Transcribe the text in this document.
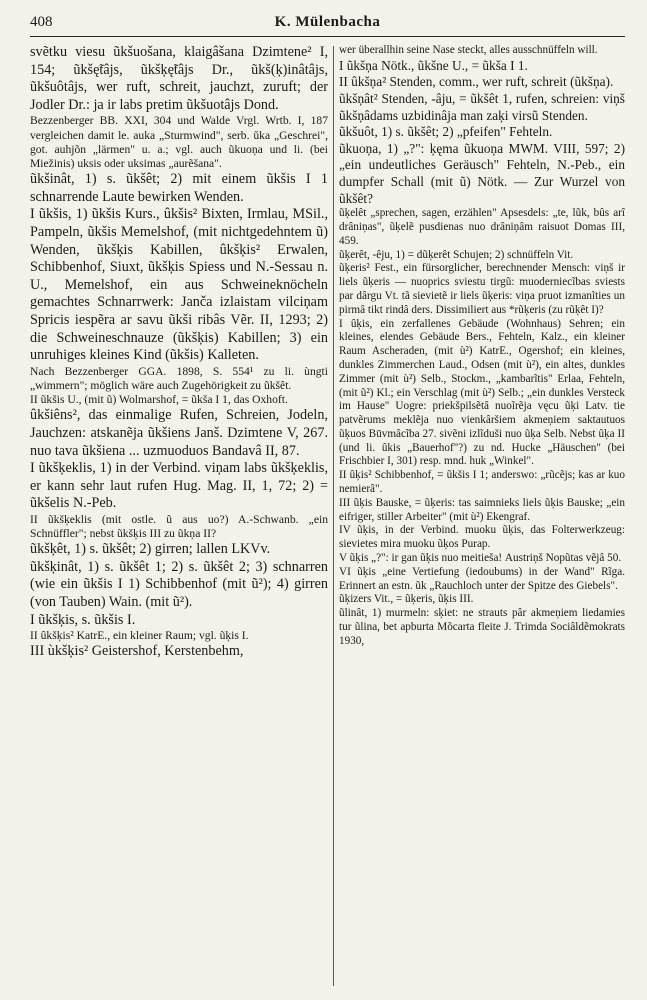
408	K. Mülenbacha

svẽtku viesu ũkšuošana, klaigâšana Dzimtene² I, 154; ũkšę̃tâjs, ũkšķę̃tâjs Dr., ũkš(ķ)inâtâjs, ũkšuôtâjs, wer ruft, schreit, jauchzt, zuruft; der Jodler Dr.: ja ir labs pretim ũkšuotâjs Dond.

Bezzenberger BB. XXI, 304 und Walde Vrgl. Wrtb. I, 187 vergleichen damit le. auka „Sturmwind", serb. ŭka „Geschrei", got. auhjõn „lärmen" u. a.; vgl. auch ũkuoņa und li. (bei Miežinis) uksis oder uksimas „aurẽšana".

ũkšinât, 1) s. ũkšêt; 2) mit einem ũkšis I 1 schnarrende Laute bewirken Wenden.

I ũkšis, 1) ũkšis Kurs., ûkšis² Bixten, Irmlau, MSil., Pampeln, ũkšis Memelshof, (mit nichtgedehntem ũ) Wenden, ũkšķis Kabillen, ûkšķis² Erwalen, Schibbenhof, Siuxt, ũkšķis Spiess und N.-Sessau n. U., Memelshof, ein aus Schweineknöcheln gemachtes Schnarrwerk: Janča izlaistam vilciņam Spricis iespẽra ar savu ũkši ribâs Vẽr. II, 1293; 2) die Schweineschnauze (ũkšķis) Kabillen; 3) ein unruhiges kleines Kind (ũkšis) Kalleten.

Nach Bezzenberger GGA. 1898, S. 554¹ zu li. ùngti „wimmern"; möglich wäre auch Zugehörigkeit zu ũkšêt.

II ũkšis U., (mit ũ) Wolmarshof, = ũkša I 1, das Oxhoft.

ûkšiêns², das einmalige Rufen, Schreien, Jodeln, Jauchzen: atskanẽja ũkšiens Janš. Dzimtene V, 267. nuo tava ũkšiena ... uzmuoduos Bandavâ II, 87.

I ũkšķeklis, 1) in der Verbind. viņam labs ũkšķeklis, er kann sehr laut rufen Hug. Mag. II, 1, 72; 2) = ũkšelis N.-Peb.

II ũkšķeklis (mit ostle. ũ aus uo?) A.-Schwanb. „ein Schnüffler"; nebst ũkšķis III zu ũkņa II?

ũkšķêt, 1) s. ũkšêt; 2) girren; lallen LKVv.

ũkšķinât, 1) s. ũkšêt 1; 2) s. ũkšêt 2; 3) schnarren (wie ein ũkšis I 1) Schibbenhof (mit ũ²); 4) girren (von Tauben) Wain. (mit ũ²).

I ũkšķis, s. ũkšis I.

II ûkšķis² KatrE., ein kleiner Raum; vgl. ũķis I.

III ùkšķis² Geistershof, Kerstenbehm,

wer überallhin seine Nase steckt, alles ausschnüffeln will.

I ũkšņa Nötk., ũkšne U., = ũkša I 1.

II ûkšņa² Stenden, comm., wer ruft, schreit (ũkšņa).

ũkšņât² Stenden, -âju, = ũkšêt 1, rufen, schreien: viņš ũkšņâdams uzbidinâja man zaķi virsũ Stenden.

ũkšuôt, 1) s. ũkšêt; 2) „pfeifen" Fehteln.

ũkuoņa, 1) „?": ķęma ũkuoņa MWM. VIII, 597; 2) „ein undeutliches Geräusch" Fehteln, N.-Peb., ein dumpfer Schall (mit ũ) Nötk. — Zur Wurzel von ũkšêt?

ũķelêt „sprechen, sagen, erzählen" Apsesdels: „te, lũk, bûs arî drâniņas", ũķelẽ pusdienas nuo drâniņâm raisuot Domas III, 459.

ũķerêt, -êju, 1) = dũķerêt Schujen; 2) schnüffeln Vit.

ũķeris² Fest., ein fürsorglicher, berechnender Mensch: viņš ir liels ũķeris — nuoprics sviestu tirgũ: muoderniecĩbas sviests par dârgu Vt. tã sievietẽ ir liels ũķeris: viņa pruot izmanĩties un pirmâ tikt rindâ ders. Dissimiliert aus *rũķeris (zu rũķêt I)?

I ûķis, ein zerfallenes Gebäude (Wohnhaus) Sehren; ein kleines, elendes Gebäude Bers., Fehteln, Kalz., ein kleiner Raum Ascheraden, (mit ù²) KatrE., Ogershof; ein kleines, dunkles Zimmerchen Laud., Odsen (mit ù²), ein altes, dunkles Zimmer (mit ù²) Selb., Stockm., „kambarĩtis" Erlaa, Fehteln, (mit ũ²) Kl.; ein Verschlag (mit ù²) Selb.; „ein dunkles Versteck im Hause" Uogre: priekšpilsẽtâ nuoĩrẽja vęcu ũķi Latv. tie patvẽrums meklẽja nuo vienkâršiem akmeņiem saktautuos ũķuos Būvmâcĩba 27. sivẽni izlĩduši nuo ũķa Selb. Nebst ûķa II (und li. ûkis „Bauerhof"?) zu nd. Hucke „Häuschen" (bei Frischbier I, 301) resp. mnd. huk „Winkel".

II ûķis² Schibbenhof, = ũkšis I 1; anderswo: „rũcẽjs; kas ar kuo nemierâ".

III ũķis Bauske, = ũķeris: tas saimnieks liels ũķis Bauske; „ein eifriger, stiller Arbeiter" (mit ù²) Ekengraf.

IV ũķis, in der Verbind. muoku ũķis, das Folterwerkzeug: sievietes mira muoku ũķos Purap.

V ũķis „?": ir gan ũķis nuo meitiešа! Austriņš Nopũtas vẽjâ 50.

VI ũķis „eine Vertiefung (iedoubums) in der Wand" Rĩga. Erinnert an estn. ũk „Rauchloch unter der Spitze des Giebels".

ũķizers Vit., = ũķeris, ũķis III.

ũlinât, 1) murmeln: sķiet: ne strauts pâr akmeņiem liedamies tur ũlina, bet apburta Mõcarta fleite J. Trimda Sociâldẽmokrats 1930,
